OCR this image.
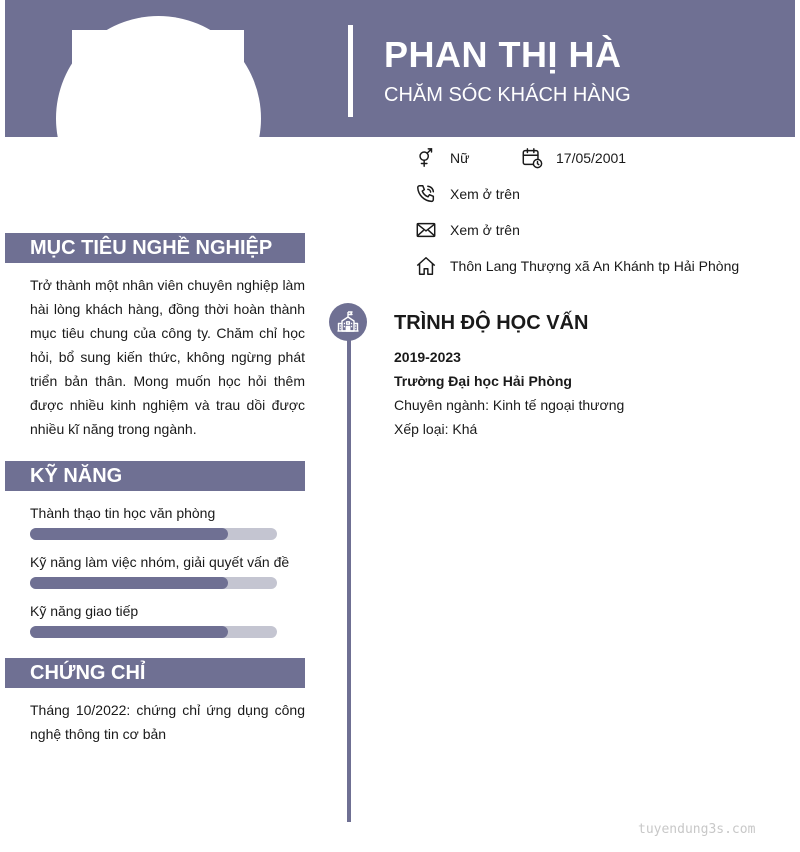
PHAN THỊ HÀ
CHĂM SÓC KHÁCH HÀNG
Nữ	17/05/2001
Xem ở trên
Xem ở trên
Thôn Lang Thượng xã An Khánh tp Hải Phòng
MỤC TIÊU NGHỀ NGHIỆP
Trở thành một nhân viên chuyên nghiệp làm hài lòng khách hàng, đồng thời hoàn thành mục tiêu chung của công ty. Chăm chỉ học hỏi, bổ sung kiến thức, không ngừng phát triển bản thân. Mong muốn học hỏi thêm được nhiều kinh nghiệm và trau dồi được nhiều kĩ năng trong ngành.
KỸ NĂNG
Thành thạo tin học văn phòng
Kỹ năng làm việc nhóm, giải quyết vấn đề
Kỹ năng giao tiếp
CHỨNG CHỈ
Tháng 10/2022: chứng chỉ ứng dụng công nghệ thông tin cơ bản
TRÌNH ĐỘ HỌC VẤN
2019-2023
Trường Đại học Hải Phòng
Chuyên ngành: Kinh tế ngoại thương
Xếp loại: Khá
tuyendung3s.com
